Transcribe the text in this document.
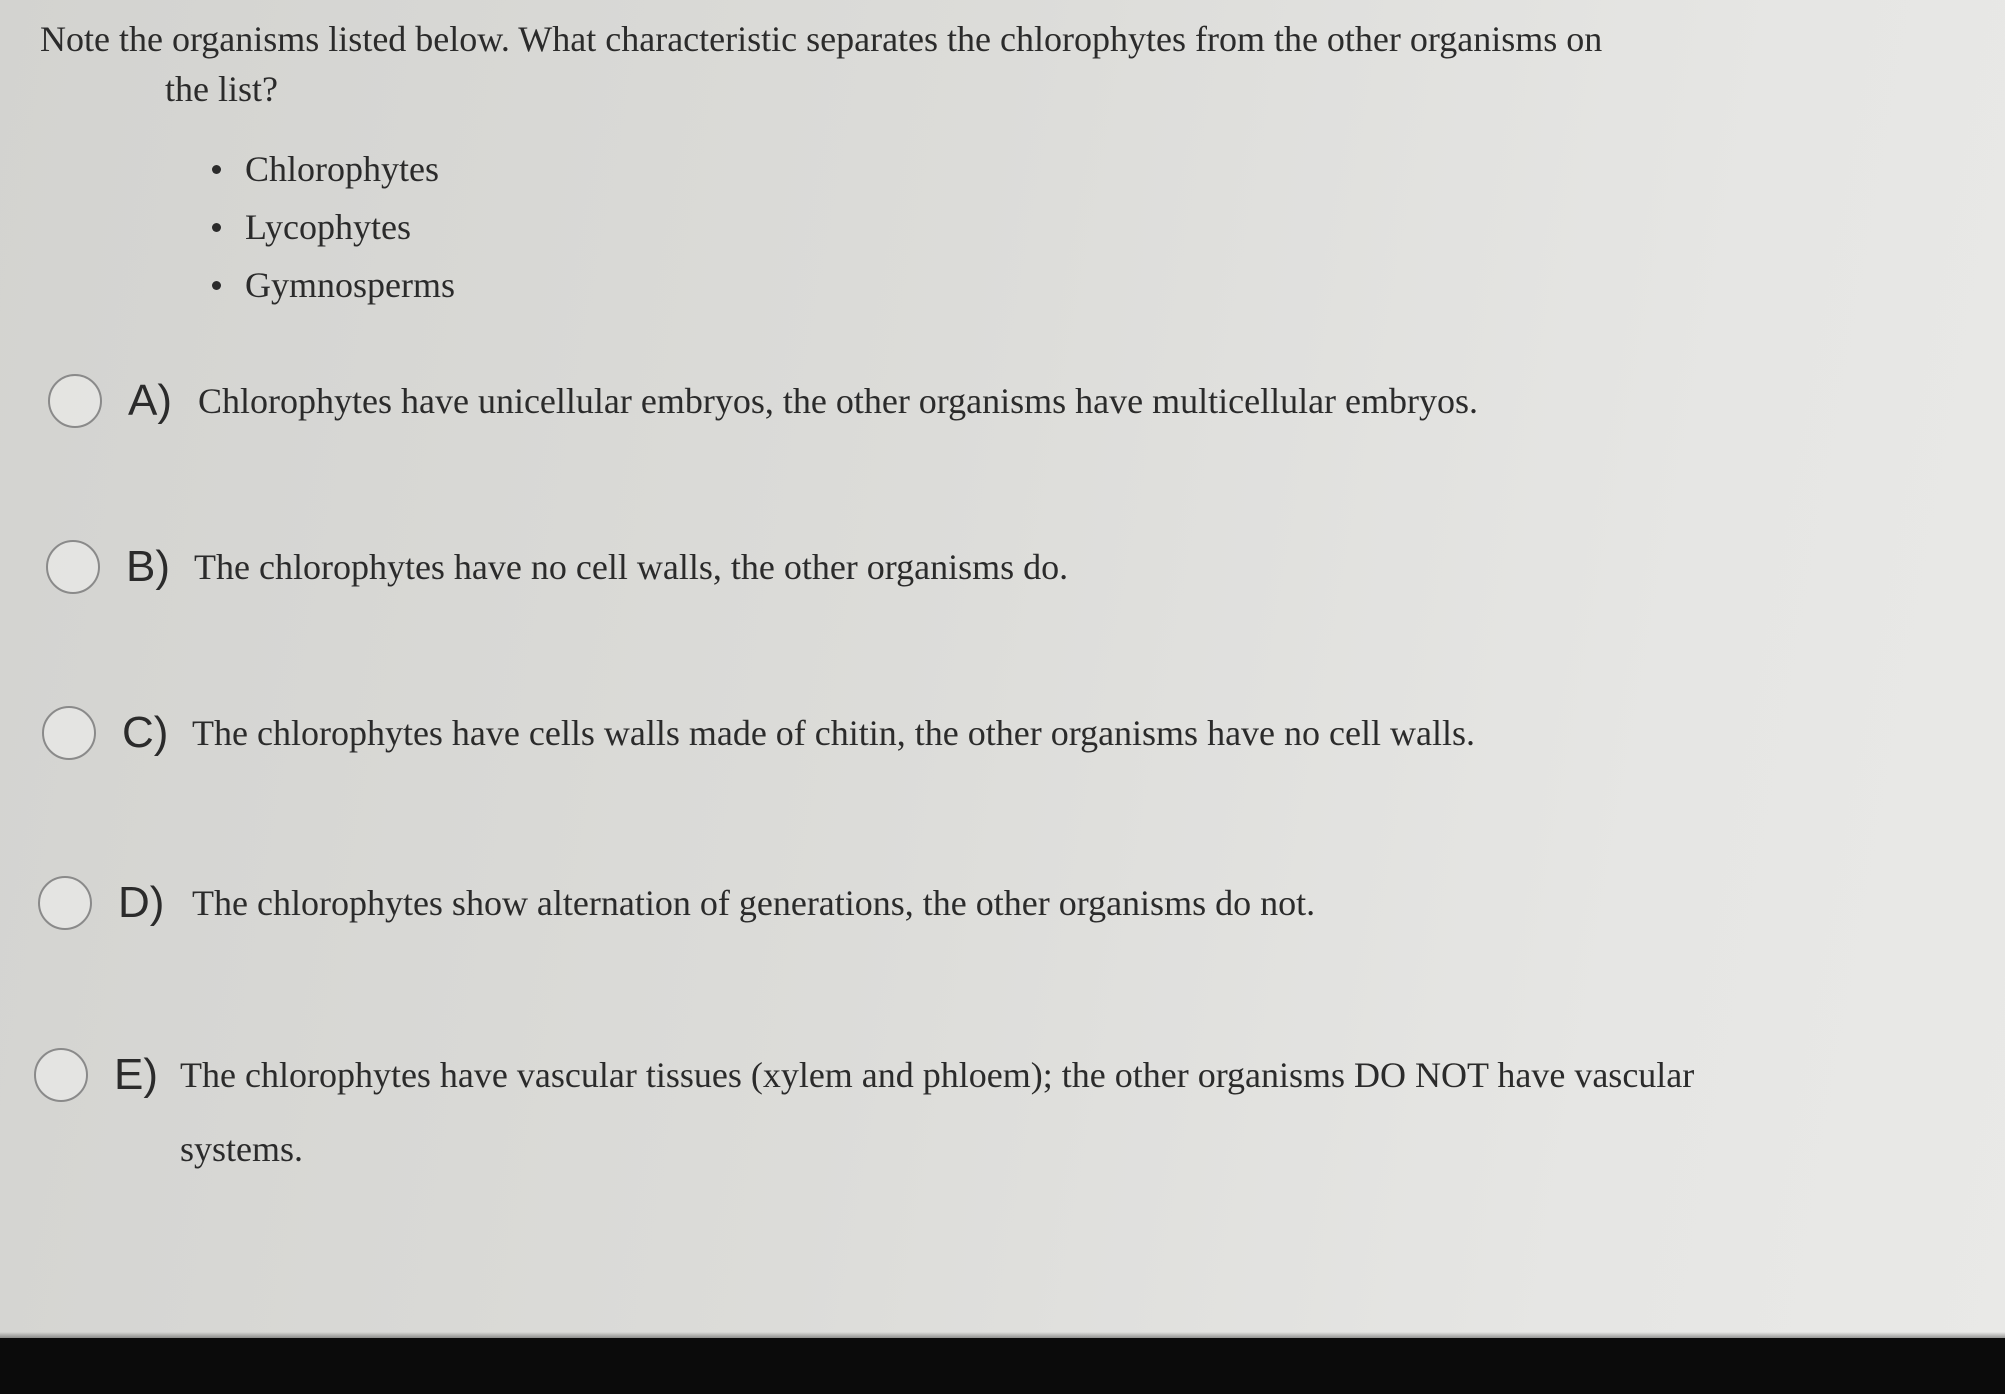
Note the organisms listed below. What characteristic separates the chlorophytes from the other organisms on
the list?

Chlorophytes
Lycophytes
Gymnosperms
A) Chlorophytes have unicellular embryos, the other organisms have multicellular embryos.
B) The chlorophytes have no cell walls, the other organisms do.
C) The chlorophytes have cells walls made of chitin, the other organisms have no cell walls.
D) The chlorophytes show alternation of generations, the other organisms do not.
E) The chlorophytes have vascular tissues (xylem and phloem); the other organisms DO NOT have vascular systems.
